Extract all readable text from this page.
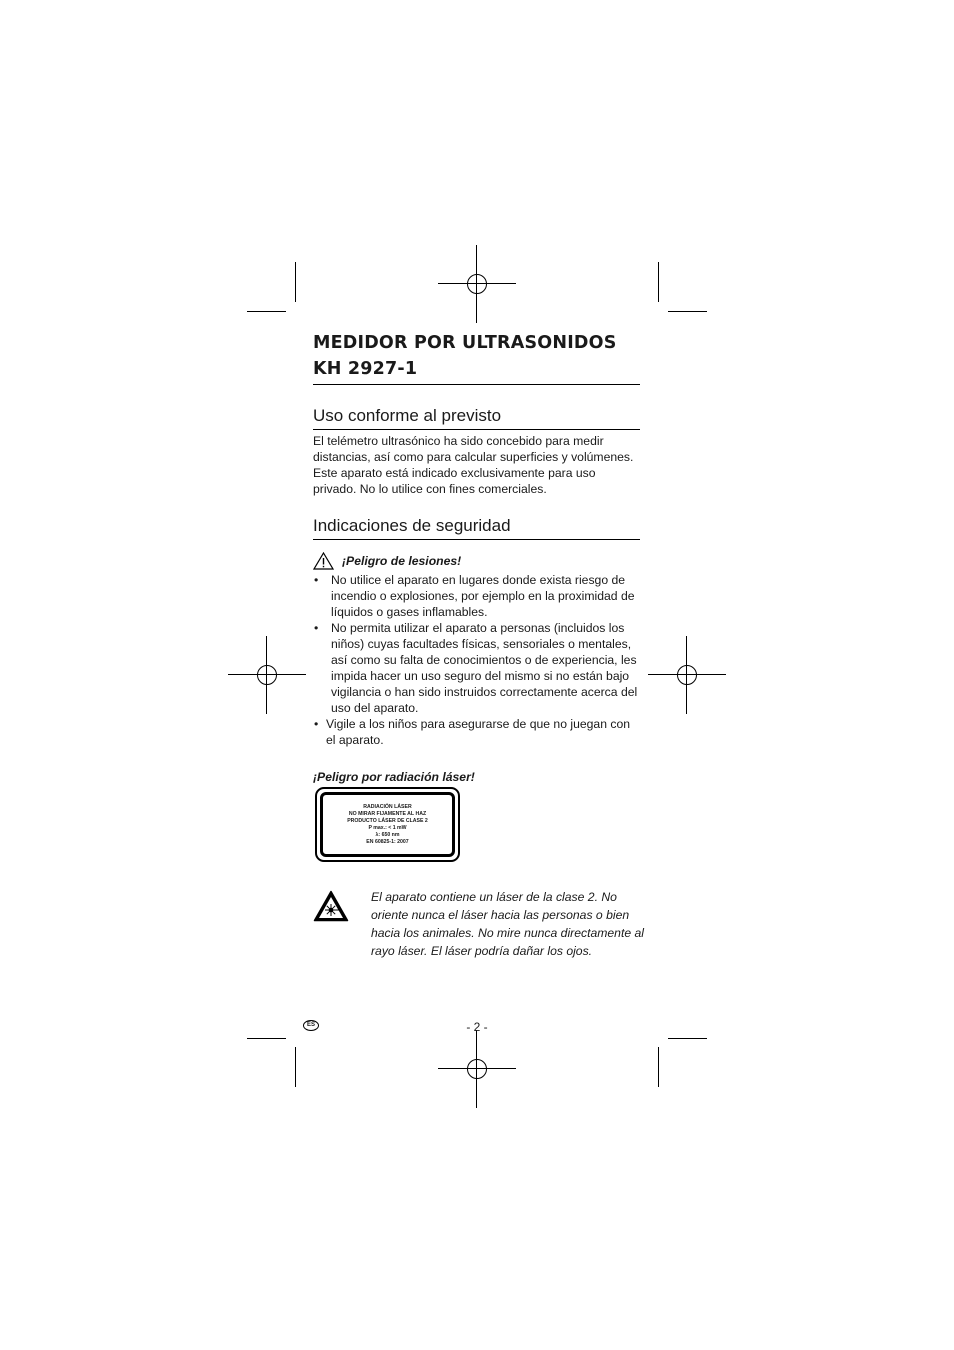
MEDIDOR POR ULTRASONIDOS
KH 2927-1
Uso conforme al previsto

El telémetro ultrasónico ha sido concebido para medir distancias, así como para calcular superficies y volúmenes. Este aparato está indicado exclusivamente para uso privado. No lo utilice con fines comerciales.

Indicaciones de seguridad
¡Peligro de lesiones!
• No utilice el aparato en lugares donde exista riesgo de incendio o explosiones, por ejemplo en la proximidad de líquidos o gases inflamables.
• No permita utilizar el aparato a personas (incluidos los niños) cuyas facultades físicas, sensoriales o mentales, así como su falta de conocimientos o de experiencia, les impida hacer un uso seguro del mismo si no están bajo vigilancia o han sido instruidos correctamente acerca del uso del aparato.
• Vigile a los niños para asegurarse de que no juegan con el aparato.
¡Peligro por radiación láser!
RADIACIÓN LÁSER
NO MIRAR FIJAMENTE AL HAZ
PRODUCTO LÁSER DE CLASE 2
P max.: < 1 mW
λ: 650 nm
EN 60825-1: 2007
El aparato contiene un láser de la clase 2. No oriente nunca el láser hacia las personas o bien hacia los animales. No mire nunca directamente al rayo láser. El láser podría dañar los ojos.
ES	- 2 -
